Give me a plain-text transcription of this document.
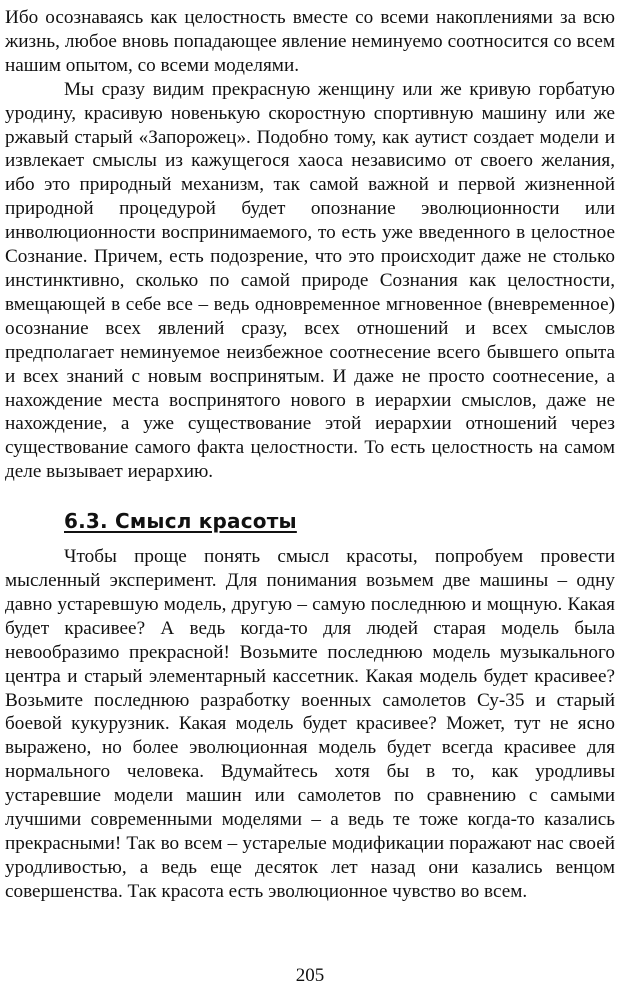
Ибо осознаваясь как целостность вместе со всеми накоплениями за всю жизнь, любое вновь попадающее явление неминуемо соотносится со всем нашим опытом, со всеми моделями.

Мы сразу видим прекрасную женщину или же кривую горбатую уродину, красивую новенькую скоростную спортивную машину или же ржавый старый «Запорожец». Подобно тому, как аутист создает модели и извлекает смыслы из кажущегося хаоса независимо от своего желания, ибо это природный механизм, так самой важной и первой жизненной природной процедурой будет опознание эволюционности или инволюционности воспринимаемого, то есть уже введенного в целостное Сознание. Причем, есть подозрение, что это происходит даже не столько инстинктивно, сколько по самой природе Сознания как целостности, вмещающей в себе все – ведь одновременное мгновенное (вневременное) осознание всех явлений сразу, всех отношений и всех смыслов предполагает неминуемое неизбежное соотнесение всего бывшего опыта и всех знаний с новым воспринятым. И даже не просто соотнесение, а нахождение места воспринятого нового в иерархии смыслов, даже не нахождение, а уже существование этой иерархии отношений через существование самого факта целостности. То есть целостность на самом деле вызывает иерархию.

6.3. Смысл красоты

Чтобы проще понять смысл красоты, попробуем провести мысленный эксперимент. Для понимания возьмем две машины – одну давно устаревшую модель, другую – самую последнюю и мощную. Какая будет красивее? А ведь когда-то для людей старая модель была невообразимо прекрасной! Возьмите последнюю модель музыкального центра и старый элементарный кассетник. Какая модель будет красивее? Возьмите последнюю разработку военных самолетов Су-35 и старый боевой кукурузник. Какая модель будет красивее? Может, тут не ясно выражено, но более эволюционная модель будет всегда красивее для нормального человека. Вдумайтесь хотя бы в то, как уродливы устаревшие модели машин или самолетов по сравнению с самыми лучшими современными моделями – а ведь те тоже когда-то казались прекрасными! Так во всем – устарелые модификации поражают нас своей уродливостью, а ведь еще десяток лет назад они казались венцом совершенства. Так красота есть эволюционное чувство во всем.

205
